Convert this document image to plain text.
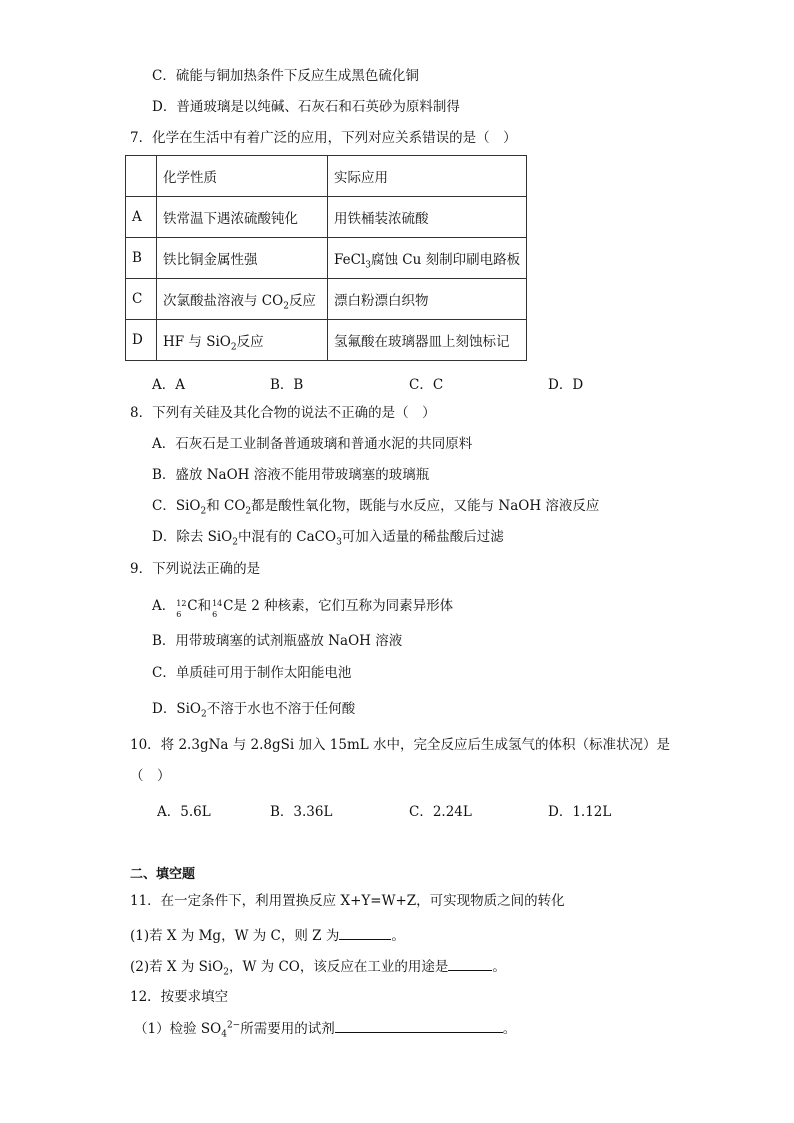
C．硫能与铜加热条件下反应生成黑色硫化铜
D．普通玻璃是以纯碱、石灰石和石英砂为原料制得
7．化学在生活中有着广泛的应用，下列对应关系错误的是（　）
	化学性质	实际应用
A	铁常温下遇浓硫酸钝化	用铁桶装浓硫酸
B	铁比铜金属性强	FeCl$_3$腐蚀 Cu 刻制印刷电路板
C	次氯酸盐溶液与 $CO_2$反应	漂白粉漂白织物
D	HF 与 SiO$_2$反应	氢氟酸在玻璃器皿上刻蚀标记
A．A	B．B	C．C	D．D
8．下列有关硅及其化合物的说法不正确的是（　）
A．石灰石是工业制备普通玻璃和普通水泥的共同原料
B．盛放 NaOH 溶液不能用带玻璃塞的玻璃瓶
C．SiO$_2$和 $CO_2$都是酸性氧化物，既能与水反应，又能与 NaOH 溶液反应
D．除去 SiO$_2$中混有的 CaCO$_3$可加入适量的稀盐酸后过滤
9．下列说法正确的是
A． 12
6
C和 14
6
C是 2 种核素，它们互称为同素异形体
B．用带玻璃塞的试剂瓶盛放 NaOH 溶液
C．单质硅可用于制作太阳能电池
D．SiO$_2$不溶于水也不溶于任何酸
10．将 2.3gNa 与 2.8gSi 加入 15mL 水中，完全反应后生成氢气的体积（标准状况）是
（　）
A．5.6L	B．3.36L	C．2.24L	D．1.12L
二、填空题
11．在一定条件下，利用置换反应 X+Y=W+Z，可实现物质之间的转化
(1)若 X 为 Mg，W 为 C，则 Z 为	。
(2)若 X 为 SiO$_2$，W 为 CO，该反应在工业的用途是	。
12．按要求填空
（1）检验 $SO_4^{2-}$所需要用的试剂	。
